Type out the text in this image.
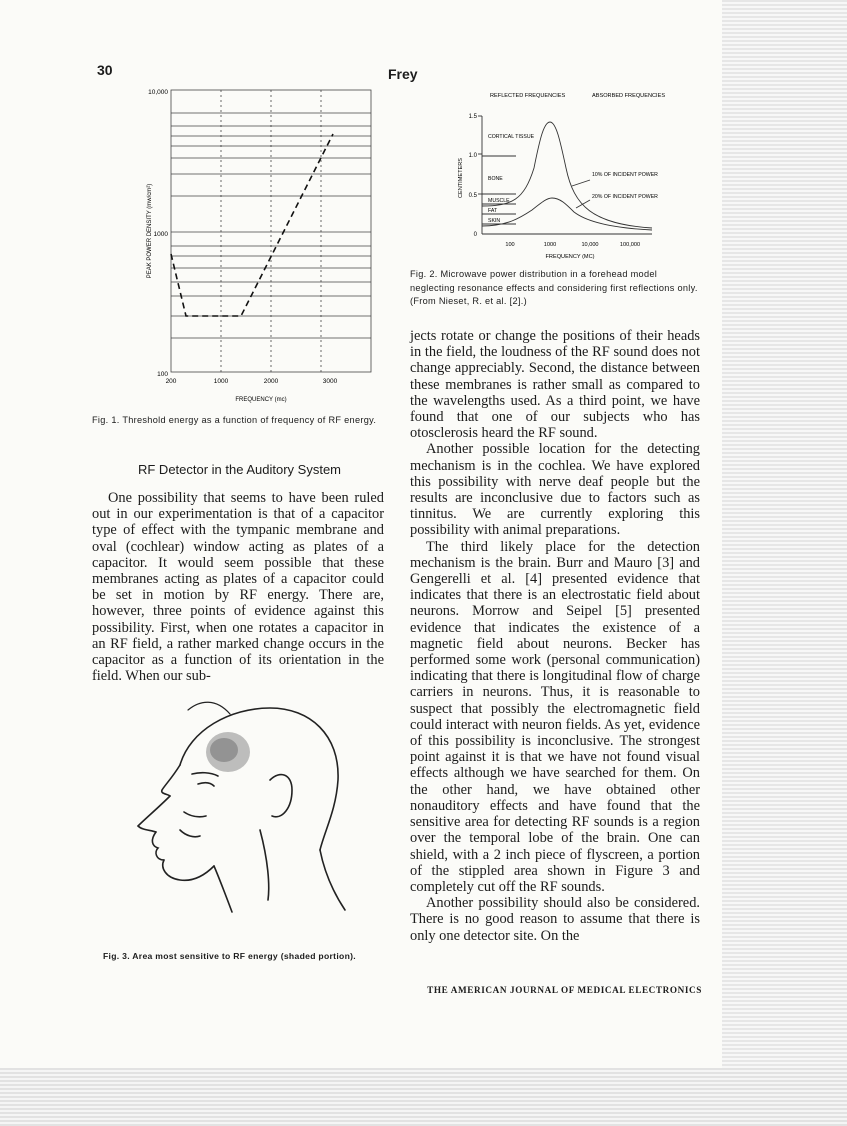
30	Frey
10,000
1000
100
200	1000	2000	3000
FREQUENCY (mc)
PEAK POWER DENSITY (mw/cm²)
Fig. 1. Threshold energy as a function of frequency of RF energy.
REFLECTED FREQUENCIES	ABSORBED FREQUENCIES
1.5
1.0
0.5
0
CORTICAL TISSUE
BONE
MUSCLE
FAT
SKIN
10% OF INCIDENT POWER
20% OF INCIDENT POWER
100	1000	10,000	100,000
FREQUENCY (MC)
CENTIMETERS
Fig. 2. Microwave power distribution in a forehead model neglecting resonance effects and considering first reflections only. (From Nieset, R. et al. [2].)
RF Detector in the Auditory System

One possibility that seems to have been ruled out in our experimentation is that of a capacitor type of effect with the tympanic membrane and oval (cochlear) window acting as plates of a capacitor. It would seem possible that these membranes acting as plates of a capacitor could be set in motion by RF energy. There are, however, three points of evidence against this possibility. First, when one rotates a capacitor in an RF field, a rather marked change occurs in the capacitor as a function of its orientation in the field. When our sub-

Fig. 3. Area most sensitive to RF energy (shaded portion).

jects rotate or change the positions of their heads in the field, the loudness of the RF sound does not change appreciably. Second, the distance between these membranes is rather small as compared to the wavelengths used. As a third point, we have found that one of our subjects who has otosclerosis heard the RF sound.

Another possible location for the detecting mechanism is in the cochlea. We have explored this possibility with nerve deaf people but the results are inconclusive due to factors such as tinnitus. We are currently exploring this possibility with animal preparations.

The third likely place for the detection mechanism is the brain. Burr and Mauro [3] and Gengerelli et al. [4] presented evidence that indicates that there is an electrostatic field about neurons. Morrow and Seipel [5] presented evidence that indicates the existence of a magnetic field about neurons. Becker has performed some work (personal communication) indicating that there is longitudinal flow of charge carriers in neurons. Thus, it is reasonable to suspect that possibly the electromagnetic field could interact with neuron fields. As yet, evidence of this possibility is inconclusive. The strongest point against it is that we have not found visual effects although we have searched for them. On the other hand, we have obtained other nonauditory effects and have found that the sensitive area for detecting RF sounds is a region over the temporal lobe of the brain. One can shield, with a 2 inch piece of flyscreen, a portion of the stippled area shown in Figure 3 and completely cut off the RF sounds.

Another possibility should also be considered. There is no good reason to assume that there is only one detector site. On the

THE AMERICAN JOURNAL OF MEDICAL ELECTRONICS
